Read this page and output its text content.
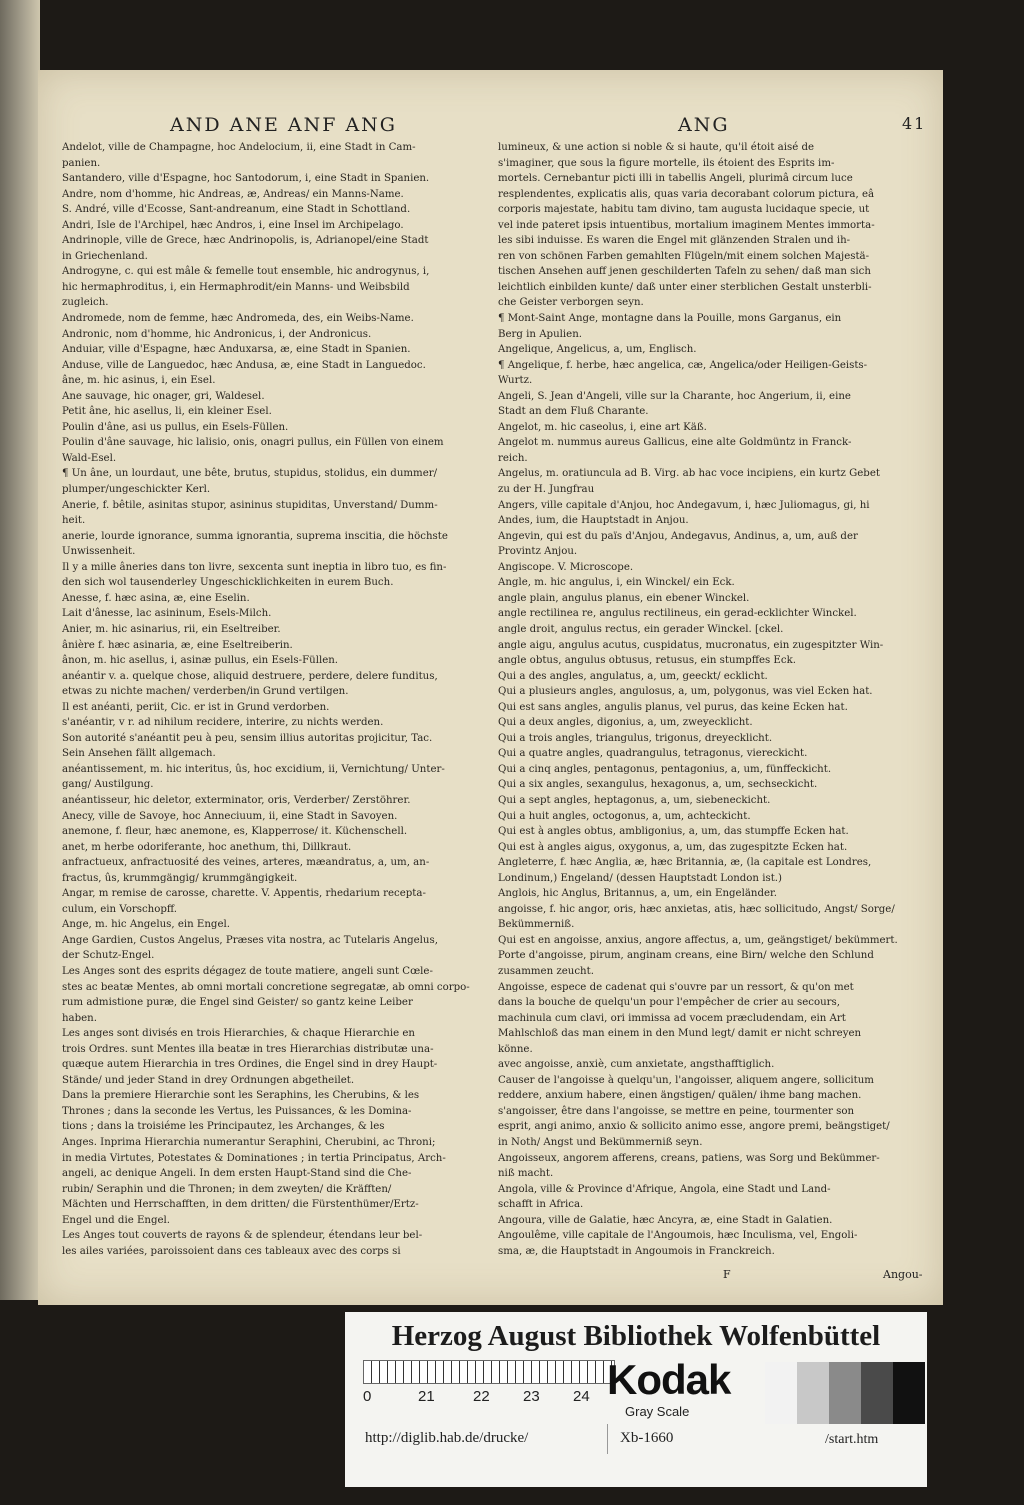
AND ANE ANF ANG	ANG	41

Andelot, ville de Champagne, hoc Andelocium, ii, eine Stadt in Cam-

panien.

Santandero, ville d'Espagne, hoc Santodorum, i, eine Stadt in Spanien.

Andre, nom d'homme, hic Andreas, æ, Andreas/ ein Manns-Name.

S. André, ville d'Ecosse, Sant-andreanum, eine Stadt in Schottland.

Andri, Isle de l'Archipel, hæc Andros, i, eine Insel im Archipelago.

Andrinople, ville de Grece, hæc Andrinopolis, is, Adrianopel/eine Stadt

in Griechenland.

Androgyne, c. qui est mâle & femelle tout ensemble, hic androgynus, i,

hic hermaphroditus, i, ein Hermaphrodit/ein Manns- und Weibsbild

zugleich.

Andromede, nom de femme, hæc Andromeda, des, ein Weibs-Name.

Andronic, nom d'homme, hic Andronicus, i, der Andronicus.

Anduiar, ville d'Espagne, hæc Anduxarsa, æ, eine Stadt in Spanien.

Anduse, ville de Languedoc, hæc Andusa, æ, eine Stadt in Languedoc.

âne, m. hic asinus, i, ein Esel.

Ane sauvage, hic onager, gri, Waldesel.

Petit âne, hic asellus, li, ein kleiner Esel.

Poulin d'âne, asi us pullus, ein Esels-Füllen.

Poulin d'âne sauvage, hic lalisio, onis, onagri pullus, ein Füllen von einem

Wald-Esel.

¶ Un âne, un lourdaut, une bête, brutus, stupidus, stolidus, ein dummer/

plumper/ungeschickter Kerl.

Anerie, f. bêtile, asinitas stupor, asininus stupiditas, Unverstand/ Dumm-

heit.

anerie, lourde ignorance, summa ignorantia, suprema inscitia, die höchste

Unwissenheit.

Il y a mille âneries dans ton livre, sexcenta sunt ineptia in libro tuo, es fin-

den sich wol tausenderley Ungeschicklichkeiten in eurem Buch.

Anesse, f. hæc asina, æ, eine Eselin.

Lait d'ânesse, lac asininum, Esels-Milch.

Anier, m. hic asinarius, rii, ein Eseltreiber.

ânière f. hæc asinaria, æ, eine Eseltreiberin.

ânon, m. hic asellus, i, asinæ pullus, ein Esels-Füllen.

anéantir v. a. quelque chose, aliquid destruere, perdere, delere funditus,

etwas zu nichte machen/ verderben/in Grund vertilgen.

Il est anéanti, periit, Cic. er ist in Grund verdorben.

s'anéantir, v r. ad nihilum recidere, interire, zu nichts werden.

Son autorité s'anéantit peu à peu, sensim illius autoritas projicitur, Tac.

Sein Ansehen fällt allgemach.

anéantissement, m. hic interitus, ûs, hoc excidium, ii, Vernichtung/ Unter-

gang/ Austilgung.

anéantisseur, hic deletor, exterminator, oris, Verderber/ Zerstöhrer.

Anecy, ville de Savoye, hoc Anneciuum, ii, eine Stadt in Savoyen.

anemone, f. fleur, hæc anemone, es, Klapperrose/ it. Küchenschell.

anet, m herbe odoriferante, hoc anethum, thi, Dillkraut.

anfractueux, anfractuosité des veines, arteres, mæandratus, a, um, an-

fractus, ûs, krummgängig/ krummgängigkeit.

Angar, m remise de carosse, charette. V. Appentis, rhedarium recepta-

culum, ein Vorschopff.

Ange, m. hic Angelus, ein Engel.

Ange Gardien, Custos Angelus, Præses vita nostra, ac Tutelaris Angelus,

der Schutz-Engel.

Les Anges sont des esprits dégagez de toute matiere, angeli sunt Cœle-

stes ac beatæ Mentes, ab omni mortali concretione segregatæ, ab omni corpo-

rum admistione puræ, die Engel sind Geister/ so gantz keine Leiber

haben.

Les anges sont divisés en trois Hierarchies, & chaque Hierarchie en

trois Ordres. sunt Mentes illa beatæ in tres Hierarchias distributæ una-

quæque autem Hierarchia in tres Ordines, die Engel sind in drey Haupt-

Stände/ und jeder Stand in drey Ordnungen abgetheilet.

Dans la premiere Hierarchie sont les Seraphins, les Cherubins, & les

Thrones ; dans la seconde les Vertus, les Puissances, & les Domina-

tions ; dans la troisiéme les Principautez, les Archanges, & les

Anges. Inprima Hierarchia numerantur Seraphini, Cherubini, ac Throni;

in media Virtutes, Potestates & Dominationes ; in tertia Principatus, Arch-

angeli, ac denique Angeli. In dem ersten Haupt-Stand sind die Che-

rubin/ Seraphin und die Thronen; in dem zweyten/ die Kräfften/

Mächten und Herrschafften, in dem dritten/ die Fürstenthümer/Ertz-

Engel und die Engel.

Les Anges tout couverts de rayons & de splendeur, étendans leur bel-

les ailes variées, paroissoient dans ces tableaux avec des corps si

lumineux, & une action si noble & si haute, qu'il étoit aisé de

s'imaginer, que sous la figure mortelle, ils étoient des Esprits im-

mortels. Cernebantur picti illi in tabellis Angeli, plurimâ circum luce

resplendentes, explicatis alis, quas varia decorabant colorum pictura, eâ

corporis majestate, habitu tam divino, tam augusta lucidaque specie, ut

vel inde pateret ipsis intuentibus, mortalium imaginem Mentes immorta-

les sibi induisse. Es waren die Engel mit glänzenden Stralen und ih-

ren von schönen Farben gemahlten Flügeln/mit einem solchen Majestä-

tischen Ansehen auff jenen geschilderten Tafeln zu sehen/ daß man sich

leichtlich einbilden kunte/ daß unter einer sterblichen Gestalt unsterbli-

che Geister verborgen seyn.

¶ Mont-Saint Ange, montagne dans la Pouille, mons Garganus, ein

Berg in Apulien.

Angelique, Angelicus, a, um, Englisch.

¶ Angelique, f. herbe, hæc angelica, cæ, Angelica/oder Heiligen-Geists-

Wurtz.

Angeli, S. Jean d'Angeli, ville sur la Charante, hoc Angerium, ii, eine

Stadt an dem Fluß Charante.

Angelot, m. hic caseolus, i, eine art Käß.

Angelot m. nummus aureus Gallicus, eine alte Goldmüntz in Franck-

reich.

Angelus, m. oratiuncula ad B. Virg. ab hac voce incipiens, ein kurtz Gebet

zu der H. Jungfrau

Angers, ville capitale d'Anjou, hoc Andegavum, i, hæc Juliomagus, gi, hi

Andes, ium, die Hauptstadt in Anjou.

Angevin, qui est du païs d'Anjou, Andegavus, Andinus, a, um, auß der

Provintz Anjou.

Angiscope. V. Microscope.

Angle, m. hic angulus, i, ein Winckel/ ein Eck.

angle plain, angulus planus, ein ebener Winckel.

angle rectilinea re, angulus rectilineus, ein gerad-ecklichter Winckel.

angle droit, angulus rectus, ein gerader Winckel. [ckel.

angle aigu, angulus acutus, cuspidatus, mucronatus, ein zugespitzter Win-

angle obtus, angulus obtusus, retusus, ein stumpffes Eck.

Qui a des angles, angulatus, a, um, geeckt/ ecklicht.

Qui a plusieurs angles, angulosus, a, um, polygonus, was viel Ecken hat.

Qui est sans angles, angulis planus, vel purus, das keine Ecken hat.

Qui a deux angles, digonius, a, um, zweyecklicht.

Qui a trois angles, triangulus, trigonus, dreyecklicht.

Qui a quatre angles, quadrangulus, tetragonus, viereckicht.

Qui a cinq angles, pentagonus, pentagonius, a, um, fünffeckicht.

Qui a six angles, sexangulus, hexagonus, a, um, sechseckicht.

Qui a sept angles, heptagonus, a, um, siebeneckicht.

Qui a huit angles, octogonus, a, um, achteckicht.

Qui est à angles obtus, ambligonius, a, um, das stumpffe Ecken hat.

Qui est à angles aigus, oxygonus, a, um, das zugespitzte Ecken hat.

Angleterre, f. hæc Anglia, æ, hæc Britannia, æ, (la capitale est Londres,

Londinum,) Engeland/ (dessen Hauptstadt London ist.)

Anglois, hic Anglus, Britannus, a, um, ein Engeländer.

angoisse, f. hic angor, oris, hæc anxietas, atis, hæc sollicitudo, Angst/ Sorge/

Bekümmerniß.

Qui est en angoisse, anxius, angore affectus, a, um, geängstiget/ bekümmert.

Porte d'angoisse, pirum, anginam creans, eine Birn/ welche den Schlund

zusammen zeucht.

Angoisse, espece de cadenat qui s'ouvre par un ressort, & qu'on met

dans la bouche de quelqu'un pour l'empêcher de crier au secours,

machinula cum clavi, ori immissa ad vocem præcludendam, ein Art

Mahlschloß das man einem in den Mund legt/ damit er nicht schreyen

könne.

avec angoisse, anxiè, cum anxietate, angsthafftiglich.

Causer de l'angoisse à quelqu'un, l'angoisser, aliquem angere, sollicitum

reddere, anxium habere, einen ängstigen/ quälen/ ihme bang machen.

s'angoisser, être dans l'angoisse, se mettre en peine, tourmenter son

esprit, angi animo, anxio & sollicito animo esse, angore premi, beängstiget/

in Noth/ Angst und Bekümmerniß seyn.

Angoisseux, angorem afferens, creans, patiens, was Sorg und Bekümmer-

niß macht.

Angola, ville & Province d'Afrique, Angola, eine Stadt und Land-

schafft in Africa.

Angoura, ville de Galatie, hæc Ancyra, æ, eine Stadt in Galatien.

Angoulême, ville capitale de l'Angoumois, hæc Inculisma, vel, Engoli-

sma, æ, die Hauptstadt in Angoumois in Franckreich.

F	Angou-
Herzog August Bibliothek Wolfenbüttel
0	21	22 23 24 Kodak
Gray Scale
http://diglib.hab.de/drucke/	Xb-1660	/start.htm
